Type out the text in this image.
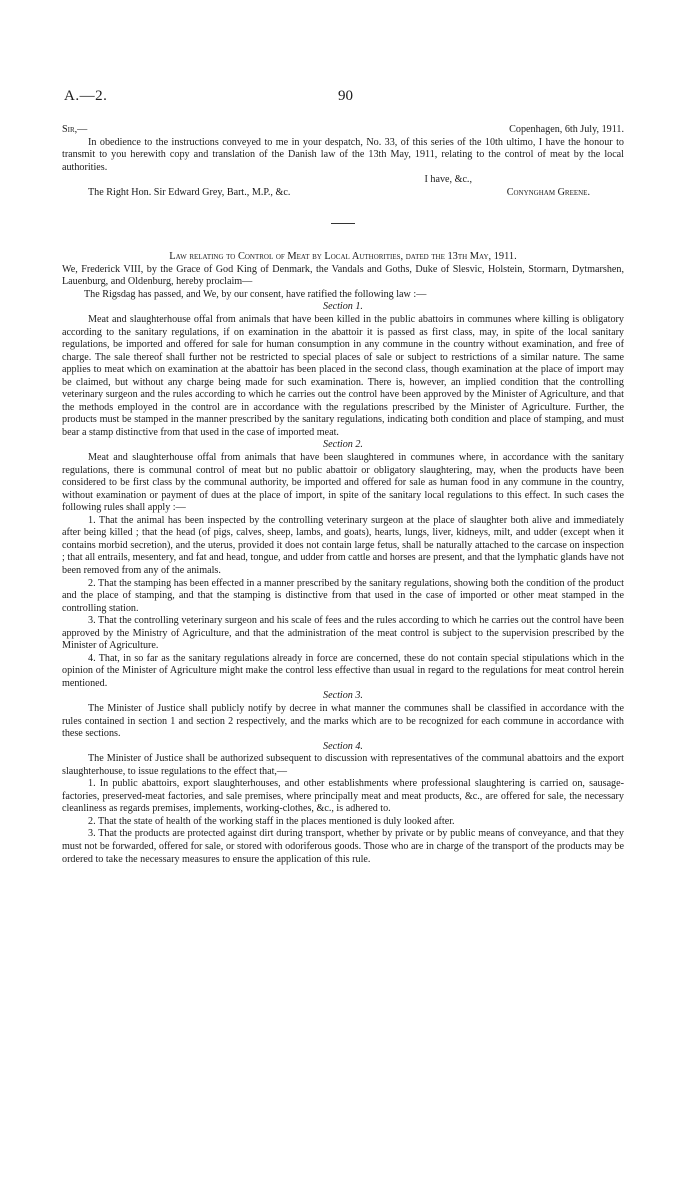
A.—2.	90
Sir,—	Copenhagen, 6th July, 1911.

In obedience to the instructions conveyed to me in your despatch, No. 33, of this series of the 10th ultimo, I have the honour to transmit to you herewith copy and translation of the Danish law of the 13th May, 1911, relating to the control of meat by the local authorities.

I have, &c.,

The Right Hon. Sir Edward Grey, Bart., M.P., &c.	Conyngham Greene.

Law relating to Control of Meat by Local Authorities, dated the 13th May, 1911.

We, Frederick VIII, by the Grace of God King of Denmark, the Vandals and Goths, Duke of Slesvic, Holstein, Stormarn, Dytmarshen, Lauenburg, and Oldenburg, hereby proclaim—

The Rigsdag has passed, and We, by our consent, have ratified the following law :—

Section 1.

Meat and slaughterhouse offal from animals that have been killed in the public abattoirs in communes where killing is obligatory according to the sanitary regulations, if on examination in the abattoir it is passed as first class, may, in spite of the local sanitary regulations, be imported and offered for sale for human consumption in any commune in the country without examination, and free of charge. The sale thereof shall further not be restricted to special places of sale or subject to restrictions of a similar nature. The same applies to meat which on examination at the abattoir has been placed in the second class, though examination at the place of import may be claimed, but without any charge being made for such examination. There is, however, an implied condition that the controlling veterinary surgeon and the rules according to which he carries out the control have been approved by the Minister of Agriculture, and that the methods employed in the control are in accordance with the regulations prescribed by the Minister of Agriculture. Further, the products must be stamped in the manner prescribed by the sanitary regulations, indicating both condition and place of stamping, and must bear a stamp distinctive from that used in the case of imported meat.

Section 2.

Meat and slaughterhouse offal from animals that have been slaughtered in communes where, in accordance with the sanitary regulations, there is communal control of meat but no public abattoir or obligatory slaughtering, may, when the products have been considered to be first class by the communal authority, be imported and offered for sale as human food in any commune in the country, without examination or payment of dues at the place of import, in spite of the sanitary local regulations to this effect. In such cases the following rules shall apply :—

1. That the animal has been inspected by the controlling veterinary surgeon at the place of slaughter both alive and immediately after being killed ; that the head (of pigs, calves, sheep, lambs, and goats), hearts, lungs, liver, kidneys, milt, and udder (except when it contains morbid secretion), and the uterus, provided it does not contain large fetus, shall be naturally attached to the carcase on inspection ; that all entrails, mesentery, and fat and head, tongue, and udder from cattle and horses are present, and that the lymphatic glands have not been removed from any of the animals.

2. That the stamping has been effected in a manner prescribed by the sanitary regulations, showing both the condition of the product and the place of stamping, and that the stamping is distinctive from that used in the case of imported or other meat stamped in the controlling station.

3. That the controlling veterinary surgeon and his scale of fees and the rules according to which he carries out the control have been approved by the Ministry of Agriculture, and that the administration of the meat control is subject to the supervision prescribed by the Minister of Agriculture.

4. That, in so far as the sanitary regulations already in force are concerned, these do not contain special stipulations which in the opinion of the Minister of Agriculture might make the control less effective than usual in regard to the regulations for meat control herein mentioned.

Section 3.

The Minister of Justice shall publicly notify by decree in what manner the communes shall be classified in accordance with the rules contained in section 1 and section 2 respectively, and the marks which are to be recognized for each commune in accordance with these sections.

Section 4.

The Minister of Justice shall be authorized subsequent to discussion with representatives of the communal abattoirs and the export slaughterhouse, to issue regulations to the effect that,—

1. In public abattoirs, export slaughterhouses, and other establishments where professional slaughtering is carried on, sausage-factories, preserved-meat factories, and sale premises, where principally meat and meat products, &c., are offered for sale, the necessary cleanliness as regards premises, implements, working-clothes, &c., is adhered to.

2. That the state of health of the working staff in the places mentioned is duly looked after.

3. That the products are protected against dirt during transport, whether by private or by public means of conveyance, and that they must not be forwarded, offered for sale, or stored with odoriferous goods. Those who are in charge of the transport of the products may be ordered to take the necessary measures to ensure the application of this rule.
